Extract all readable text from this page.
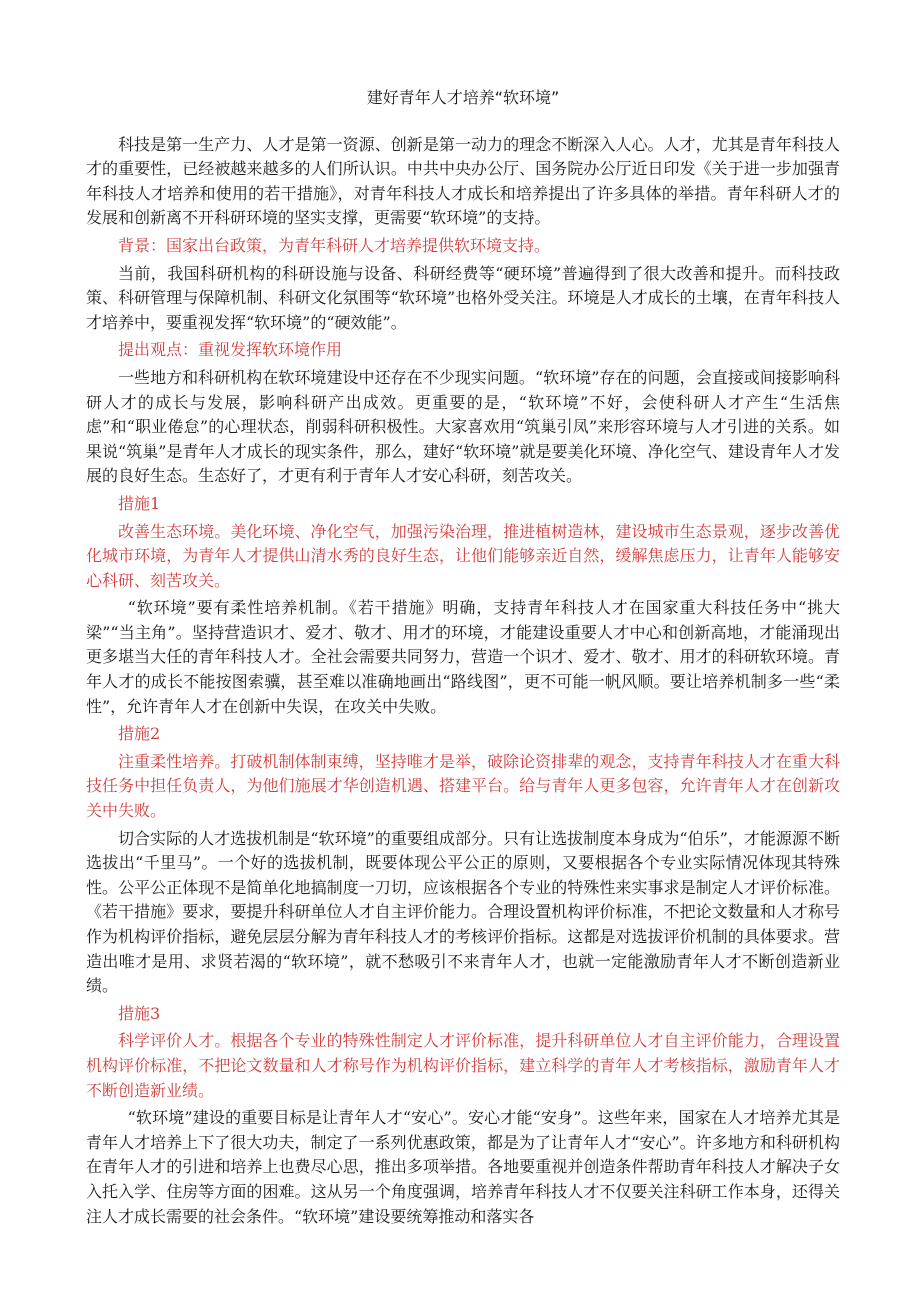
建好青年人才培养“软环境”

科技是第一生产力、人才是第一资源、创新是第一动力的理念不断深入人心。人才，尤其是青年科技人才的重要性，已经被越来越多的人们所认识。中共中央办公厅、国务院办公厅近日印发《关于进一步加强青年科技人才培养和使用的若干措施》，对青年科技人才成长和培养提出了许多具体的举措。青年科研人才的发展和创新离不开科研环境的坚实支撑，更需要“软环境”的支持。

背景：国家出台政策，为青年科研人才培养提供软环境支持。

当前，我国科研机构的科研设施与设备、科研经费等“硬环境”普遍得到了很大改善和提升。而科技政策、科研管理与保障机制、科研文化氛围等“软环境”也格外受关注。环境是人才成长的土壤，在青年科技人才培养中，要重视发挥“软环境”的“硬效能”。

提出观点：重视发挥软环境作用

一些地方和科研机构在软环境建设中还存在不少现实问题。“软环境”存在的问题，会直接或间接影响科研人才的成长与发展，影响科研产出成效。更重要的是，“软环境”不好，会使科研人才产生“生活焦虑”和“职业倦怠”的心理状态，削弱科研积极性。大家喜欢用“筑巢引凤”来形容环境与人才引进的关系。如果说“筑巢”是青年人才成长的现实条件，那么，建好“软环境”就是要美化环境、净化空气、建设青年人才发展的良好生态。生态好了，才更有利于青年人才安心科研，刻苦攻关。

措施1

改善生态环境。美化环境、净化空气，加强污染治理，推进植树造林，建设城市生态景观，逐步改善优化城市环境，为青年人才提供山清水秀的良好生态，让他们能够亲近自然，缓解焦虑压力，让青年人能够安心科研、刻苦攻关。

“软环境”要有柔性培养机制。《若干措施》明确，支持青年科技人才在国家重大科技任务中“挑大梁”“当主角”。坚持营造识才、爱才、敬才、用才的环境，才能建设重要人才中心和创新高地，才能涌现出更多堪当大任的青年科技人才。全社会需要共同努力，营造一个识才、爱才、敬才、用才的科研软环境。青年人才的成长不能按图索骥，甚至难以准确地画出“路线图”，更不可能一帆风顺。要让培养机制多一些“柔性”，允许青年人才在创新中失误，在攻关中失败。

措施2

注重柔性培养。打破机制体制束缚，坚持唯才是举，破除论资排辈的观念，支持青年科技人才在重大科技任务中担任负责人，为他们施展才华创造机遇、搭建平台。给与青年人更多包容，允许青年人才在创新攻关中失败。

切合实际的人才选拔机制是“软环境”的重要组成部分。只有让选拔制度本身成为“伯乐”，才能源源不断选拔出“千里马”。一个好的选拔机制，既要体现公平公正的原则，又要根据各个专业实际情况体现其特殊性。公平公正体现不是简单化地搞制度一刀切，应该根据各个专业的特殊性来实事求是制定人才评价标准。《若干措施》要求，要提升科研单位人才自主评价能力。合理设置机构评价标准，不把论文数量和人才称号作为机构评价指标，避免层层分解为青年科技人才的考核评价指标。这都是对选拔评价机制的具体要求。营造出唯才是用、求贤若渴的“软环境”，就不愁吸引不来青年人才，也就一定能激励青年人才不断创造新业绩。

措施3

科学评价人才。根据各个专业的特殊性制定人才评价标准，提升科研单位人才自主评价能力，合理设置机构评价标准，不把论文数量和人才称号作为机构评价指标，建立科学的青年人才考核指标，激励青年人才不断创造新业绩。

“软环境”建设的重要目标是让青年人才“安心”。安心才能“安身”。这些年来，国家在人才培养尤其是青年人才培养上下了很大功夫，制定了一系列优惠政策，都是为了让青年人才“安心”。许多地方和科研机构在青年人才的引进和培养上也费尽心思，推出多项举措。各地要重视并创造条件帮助青年科技人才解决子女入托入学、住房等方面的困难。这从另一个角度强调，培养青年科技人才不仅要关注科研工作本身，还得关注人才成长需要的社会条件。“软环境”建设要统筹推动和落实各
